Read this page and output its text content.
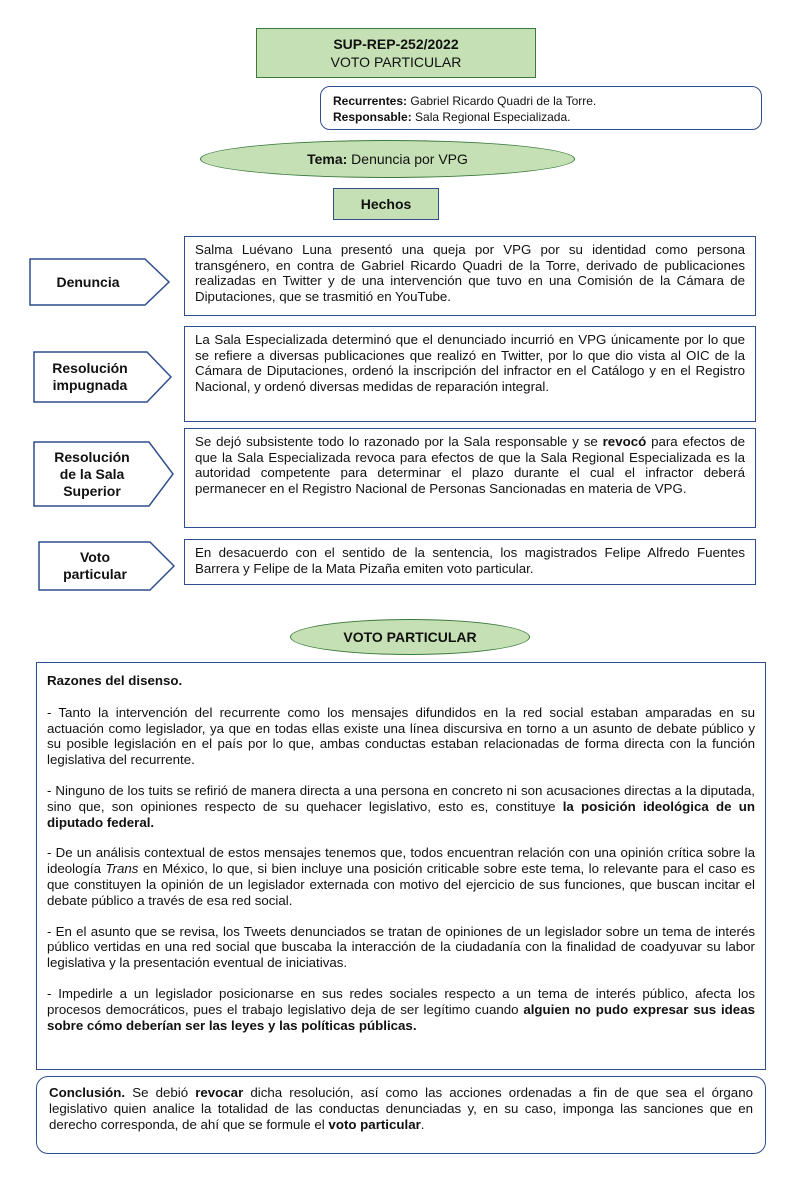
SUP-REP-252/2022
VOTO PARTICULAR
Recurrentes: Gabriel Ricardo Quadri de la Torre.
Responsable: Sala Regional Especializada.
Tema: Denuncia por VPG
Hechos
Denuncia
Salma Luévano Luna presentó una queja por VPG por su identidad como persona transgénero, en contra de Gabriel Ricardo Quadri de la Torre, derivado de publicaciones realizadas en Twitter y de una intervención que tuvo en una Comisión de la Cámara de Diputaciones, que se trasmitió en YouTube.
Resolución
impugnada
La Sala Especializada determinó que el denunciado incurrió en VPG únicamente por lo que se refiere a diversas publicaciones que realizó en Twitter, por lo que dio vista al OIC de la Cámara de Diputaciones, ordenó la inscripción del infractor en el Catálogo y en el Registro Nacional, y ordenó diversas medidas de reparación integral.
Resolución
de la Sala
Superior
Se dejó subsistente todo lo razonado por la Sala responsable y se revocó para efectos de que la Sala Especializada revoca para efectos de que la Sala Regional Especializada es la autoridad competente para determinar el plazo durante el cual el infractor deberá permanecer en el Registro Nacional de Personas Sancionadas en materia de VPG.
Voto
particular
En desacuerdo con el sentido de la sentencia, los magistrados Felipe Alfredo Fuentes Barrera y Felipe de la Mata Pizaña emiten voto particular.
VOTO PARTICULAR
Razones del disenso.

- Tanto la intervención del recurrente como los mensajes difundidos en la red social estaban amparadas en su actuación como legislador, ya que en todas ellas existe una línea discursiva en torno a un asunto de debate público y su posible legislación en el país por lo que, ambas conductas estaban relacionadas de forma directa con la función legislativa del recurrente.

- Ninguno de los tuits se refirió de manera directa a una persona en concreto ni son acusaciones directas a la diputada, sino que, son opiniones respecto de su quehacer legislativo, esto es, constituye la posición ideológica de un diputado federal.

- De un análisis contextual de estos mensajes tenemos que, todos encuentran relación con una opinión crítica sobre la ideología Trans en México, lo que, si bien incluye una posición criticable sobre este tema, lo relevante para el caso es que constituyen la opinión de un legislador externada con motivo del ejercicio de sus funciones, que buscan incitar el debate público a través de esa red social.

- En el asunto que se revisa, los Tweets denunciados se tratan de opiniones de un legislador sobre un tema de interés público vertidas en una red social que buscaba la interacción de la ciudadanía con la finalidad de coadyuvar su labor legislativa y la presentación eventual de iniciativas.

- Impedirle a un legislador posicionarse en sus redes sociales respecto a un tema de interés público, afecta los procesos democráticos, pues el trabajo legislativo deja de ser legítimo cuando alguien no pudo expresar sus ideas sobre cómo deberían ser las leyes y las políticas públicas.

Conclusión. Se debió revocar dicha resolución, así como las acciones ordenadas a fin de que sea el órgano legislativo quien analice la totalidad de las conductas denunciadas y, en su caso, imponga las sanciones que en derecho corresponda, de ahí que se formule el voto particular.
